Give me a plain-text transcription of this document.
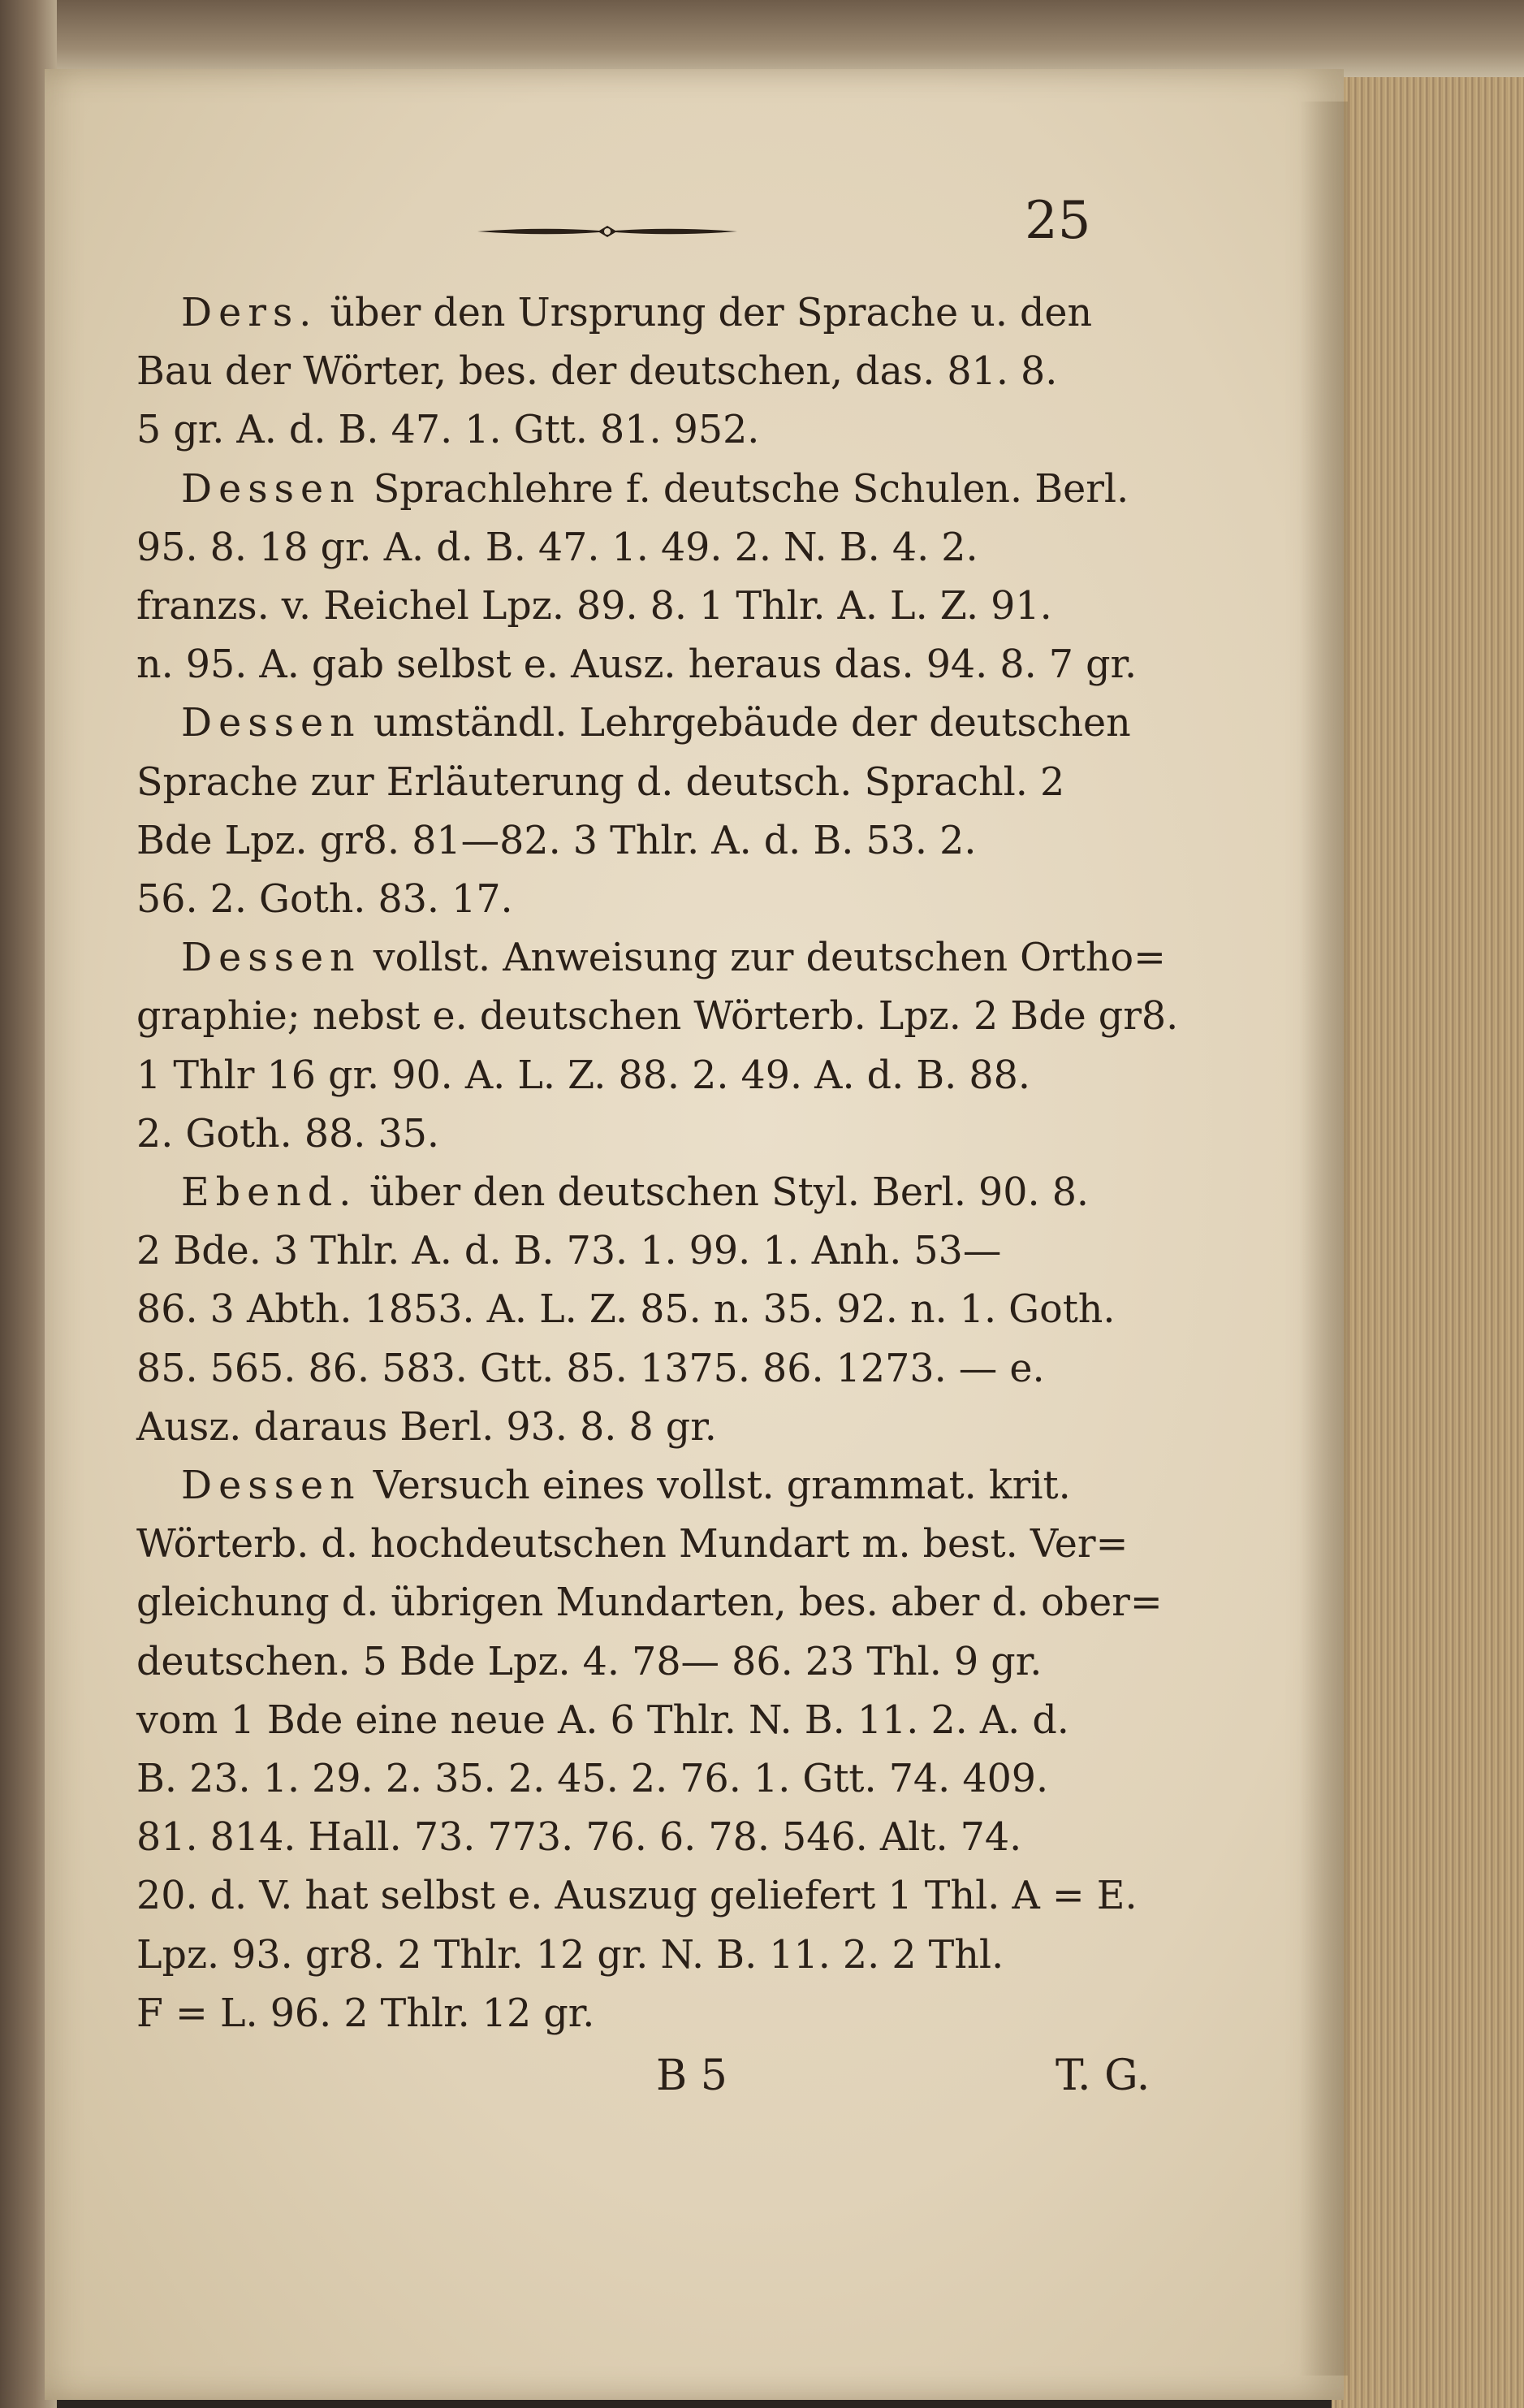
25
Ders. über den Ursprung der Sprache u. den
Bau der Wörter, bes. der deutschen, das. 81. 8.
5 gr. A. d. B. 47. 1. Gtt. 81. 952.
Dessen Sprachlehre f. deutsche Schulen. Berl.
95. 8. 18 gr. A. d. B. 47. 1. 49. 2. N. B. 4. 2.
franzs. v. Reichel Lpz. 89. 8. 1 Thlr. A. L. Z. 91.
n. 95. A. gab selbst e. Ausz. heraus das. 94. 8. 7 gr.
Dessen umständl. Lehrgebäude der deutschen
Sprache zur Erläuterung d. deutsch. Sprachl. 2
Bde Lpz. gr8. 81—82. 3 Thlr. A. d. B. 53. 2.
56. 2. Goth. 83. 17.
Dessen vollst. Anweisung zur deutschen Ortho=
graphie; nebst e. deutschen Wörterb. Lpz. 2 Bde gr8.
1 Thlr 16 gr. 90. A. L. Z. 88. 2. 49. A. d. B. 88.
2. Goth. 88. 35.
Ebend. über den deutschen Styl. Berl. 90. 8.
2 Bde. 3 Thlr. A. d. B. 73. 1. 99. 1. Anh. 53—
86. 3 Abth. 1853. A. L. Z. 85. n. 35. 92. n. 1. Goth.
85. 565. 86. 583. Gtt. 85. 1375. 86. 1273. — e.
Ausz. daraus Berl. 93. 8. 8 gr.
Dessen Versuch eines vollst. grammat. krit.
Wörterb. d. hochdeutschen Mundart m. best. Ver=
gleichung d. übrigen Mundarten, bes. aber d. ober=
deutschen. 5 Bde Lpz. 4. 78— 86. 23 Thl. 9 gr.
vom 1 Bde eine neue A. 6 Thlr. N. B. 11. 2. A. d.
B. 23. 1. 29. 2. 35. 2. 45. 2. 76. 1. Gtt. 74. 409.
81. 814. Hall. 73. 773. 76. 6. 78. 546. Alt. 74.
20. d. V. hat selbst e. Auszug geliefert 1 Thl. A = E.
Lpz. 93. gr8. 2 Thlr. 12 gr. N. B. 11. 2. 2 Thl.
F = L. 96. 2 Thlr. 12 gr.
B 5	T. G.
